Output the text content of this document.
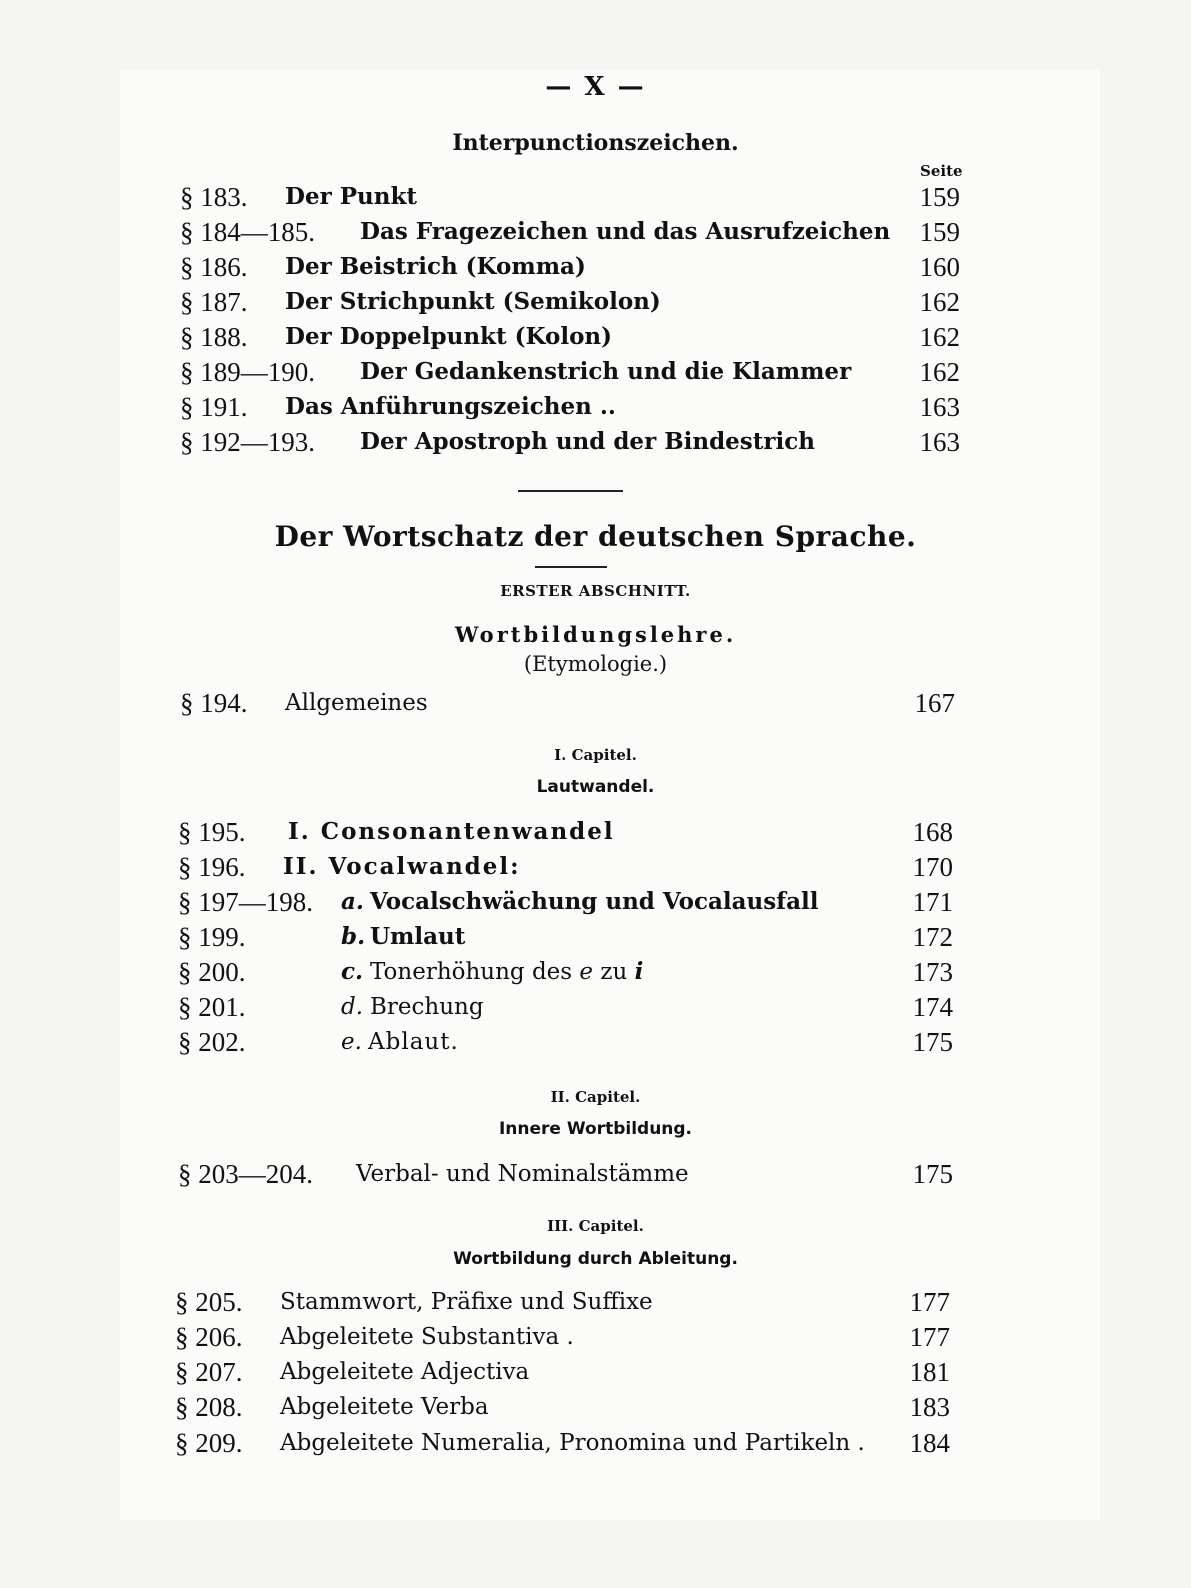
— X —
Interpunctionszeichen.
Seite
§ 183. Der Punkt	159
§ 184—185. Das Fragezeichen und das Ausrufzeichen	159
§ 186. Der Beistrich (Komma)	160
§ 187. Der Strichpunkt (Semikolon)	162
§ 188. Der Doppelpunkt (Kolon)	162
§ 189—190. Der Gedankenstrich und die Klammer	162
§ 191. Das Anführungszeichen ..	163
§ 192—193. Der Apostroph und der Bindestrich	163
Der Wortschatz der deutschen Sprache.
ERSTER ABSCHNITT.
Wortbildungslehre.
(Etymologie.)
§ 194. Allgemeines	167
I. Capitel.
Lautwandel.
§ 195. I. Consonantenwandel	168
§ 196. II. Vocalwandel:	170
§ 197—198. a. Vocalschwächung und Vocalausfall	171
§ 199.	b. Umlaut	172
§ 200.	c. Tonerhöhung des e zu i	173
§ 201.	d. Brechung	174
§ 202.	e. Ablaut.	175
II. Capitel.
Innere Wortbildung.
§ 203—204. Verbal- und Nominalstämme	175
III. Capitel.
Wortbildung durch Ableitung.
§ 205. Stammwort, Präfixe und Suffixe	177
§ 206. Abgeleitete Substantiva .	177
§ 207. Abgeleitete Adjectiva	181
§ 208. Abgeleitete Verba	183
§ 209. Abgeleitete Numeralia, Pronomina und Partikeln .	184
